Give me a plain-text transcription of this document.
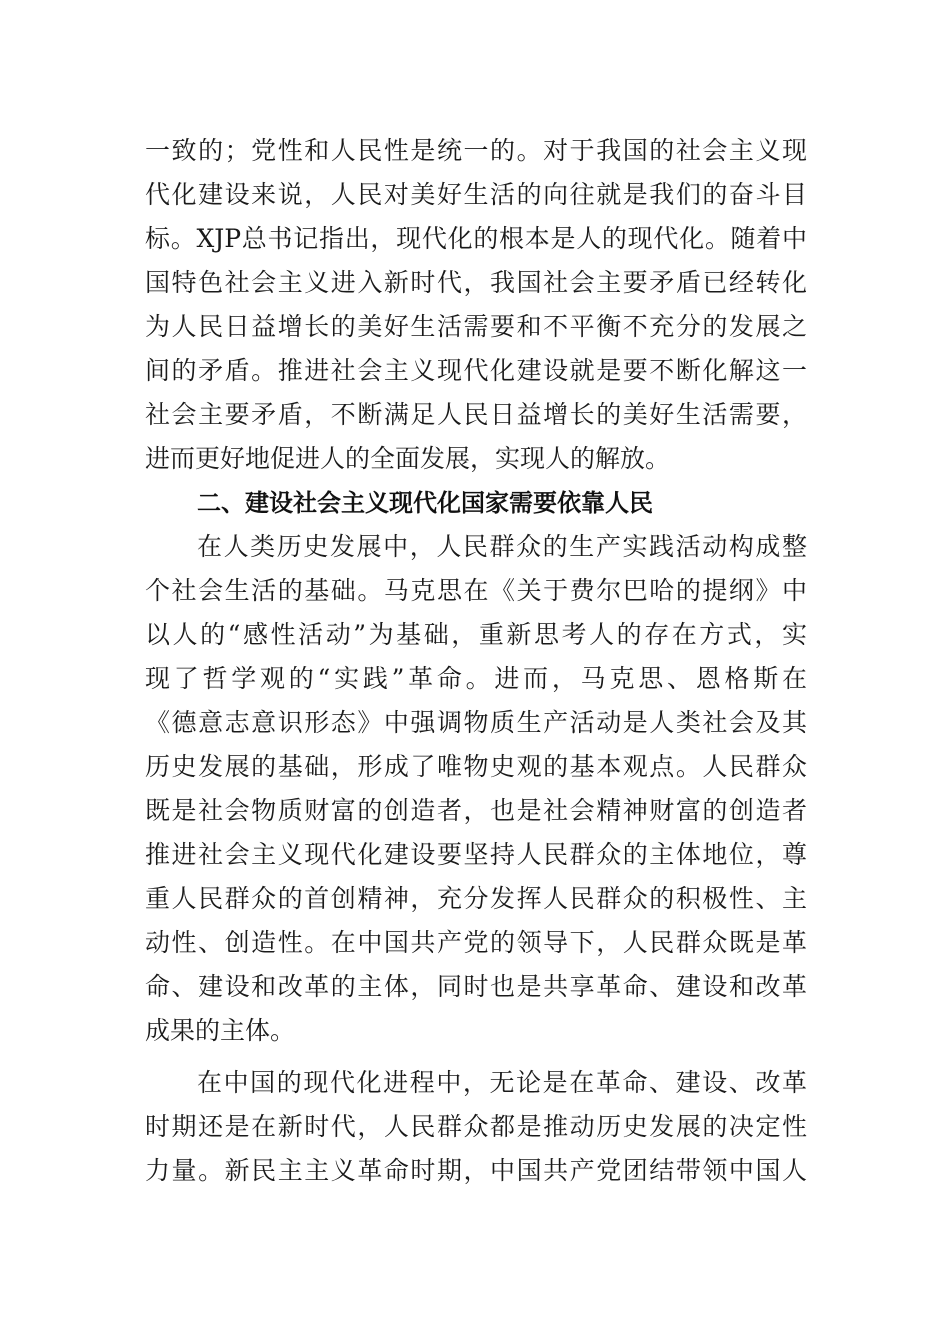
一致的；党性和人民性是统一的。对于我国的社会主义现

代化建设来说，人民对美好生活的向往就是我们的奋斗目

标。XJP总书记指出，现代化的根本是人的现代化。随着中

国特色社会主义进入新时代，我国社会主要矛盾已经转化

为人民日益增长的美好生活需要和不平衡不充分的发展之

间的矛盾。推进社会主义现代化建设就是要不断化解这一

社会主要矛盾，不断满足人民日益增长的美好生活需要，

进而更好地促进人的全面发展，实现人的解放。

二、建设社会主义现代化国家需要依靠人民

在人类历史发展中，人民群众的生产实践活动构成整

个社会生活的基础。马克思在《关于费尔巴哈的提纲》中

以人的“感性活动”为基础，重新思考人的存在方式，实

现了哲学观的“实践”革命。进而，马克思、恩格斯在

《德意志意识形态》中强调物质生产活动是人类社会及其

历史发展的基础，形成了唯物史观的基本观点。人民群众

既是社会物质财富的创造者，也是社会精神财富的创造者

推进社会主义现代化建设要坚持人民群众的主体地位，尊

重人民群众的首创精神，充分发挥人民群众的积极性、主

动性、创造性。在中国共产党的领导下，人民群众既是革

命、建设和改革的主体，同时也是共享革命、建设和改革

成果的主体。

在中国的现代化进程中，无论是在革命、建设、改革

时期还是在新时代，人民群众都是推动历史发展的决定性

力量。新民主主义革命时期，中国共产党团结带领中国人
